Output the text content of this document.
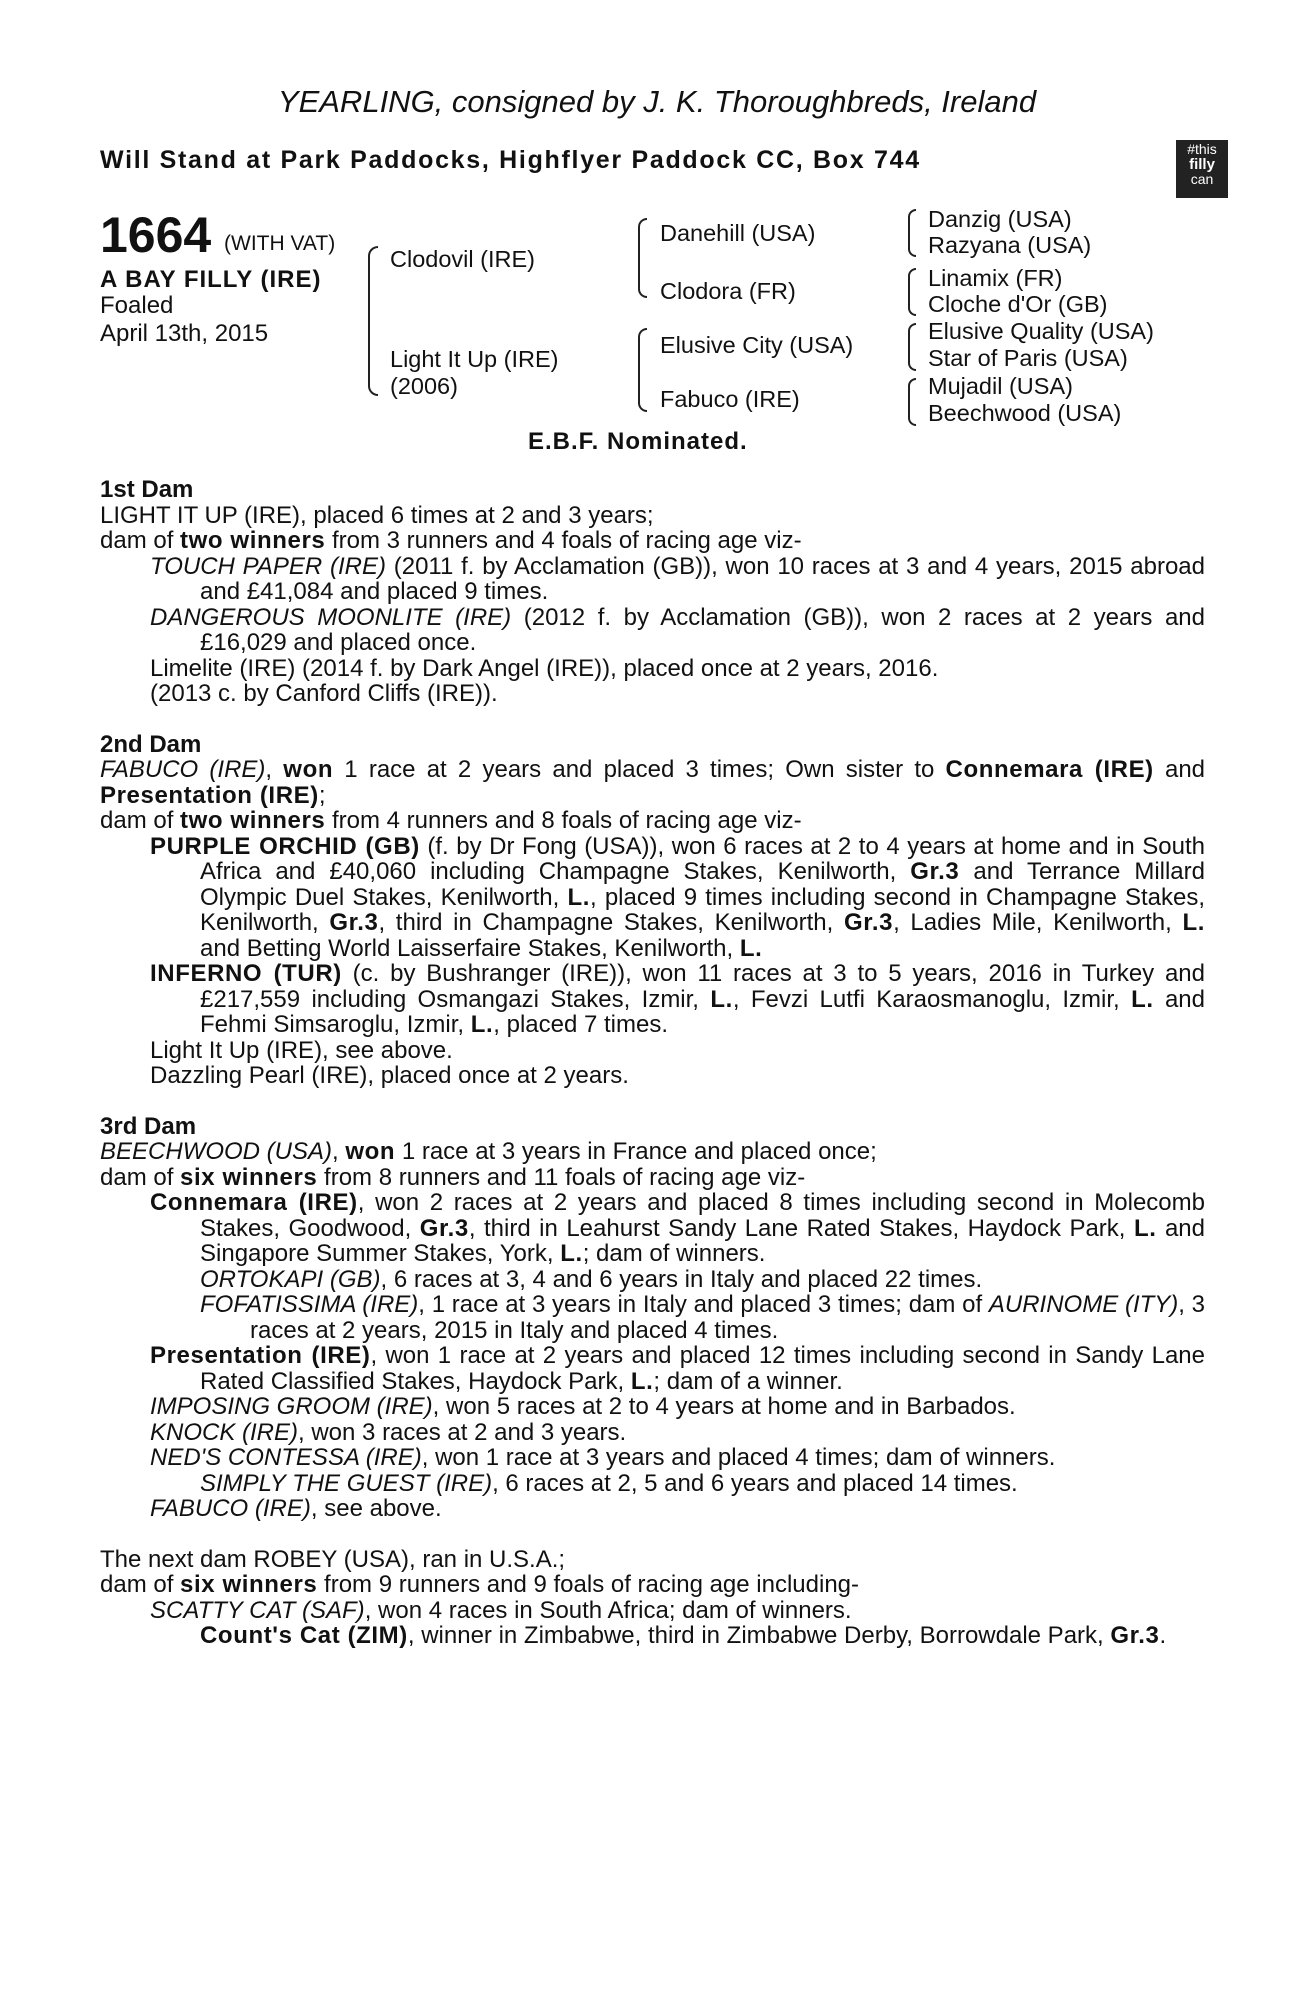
YEARLING, consigned by J. K. Thoroughbreds, Ireland
Will Stand at Park Paddocks, Highflyer Paddock CC, Box 744	#this
filly
can
1664 (WITH VAT)
A BAY FILLY (IRE)
Foaled
April 13th, 2015
Clodovil (IRE)
Light It Up (IRE)
(2006)
Danehill (USA)
Clodora (FR)
Elusive City (USA)
Fabuco (IRE)
Danzig (USA)
Razyana (USA)
Linamix (FR)
Cloche d'Or (GB)
Elusive Quality (USA)
Star of Paris (USA)
Mujadil (USA)
Beechwood (USA)
E.B.F. Nominated.

1st Dam

LIGHT IT UP (IRE), placed 6 times at 2 and 3 years;

dam of two winners from 3 runners and 4 foals of racing age viz-

TOUCH PAPER (IRE) (2011 f. by Acclamation (GB)), won 10 races at 3 and 4 years, 2015 abroad and £41,084 and placed 9 times.

DANGEROUS MOONLITE (IRE) (2012 f. by Acclamation (GB)), won 2 races at 2 years and £16,029 and placed once.

Limelite (IRE) (2014 f. by Dark Angel (IRE)), placed once at 2 years, 2016.

(2013 c. by Canford Cliffs (IRE)).

2nd Dam

FABUCO (IRE), won 1 race at 2 years and placed 3 times; Own sister to Connemara (IRE) and Presentation (IRE);

dam of two winners from 4 runners and 8 foals of racing age viz-

PURPLE ORCHID (GB) (f. by Dr Fong (USA)), won 6 races at 2 to 4 years at home and in South Africa and £40,060 including Champagne Stakes, Kenilworth, Gr.3 and Terrance Millard Olympic Duel Stakes, Kenilworth, L., placed 9 times including second in Champagne Stakes, Kenilworth, Gr.3, third in Champagne Stakes, Kenilworth, Gr.3, Ladies Mile, Kenilworth, L. and Betting World Laisserfaire Stakes, Kenilworth, L.

INFERNO (TUR) (c. by Bushranger (IRE)), won 11 races at 3 to 5 years, 2016 in Turkey and £217,559 including Osmangazi Stakes, Izmir, L., Fevzi Lutfi Karaosmanoglu, Izmir, L. and Fehmi Simsaroglu, Izmir, L., placed 7 times.

Light It Up (IRE), see above.

Dazzling Pearl (IRE), placed once at 2 years.

3rd Dam

BEECHWOOD (USA), won 1 race at 3 years in France and placed once;

dam of six winners from 8 runners and 11 foals of racing age viz-

Connemara (IRE), won 2 races at 2 years and placed 8 times including second in Molecomb Stakes, Goodwood, Gr.3, third in Leahurst Sandy Lane Rated Stakes, Haydock Park, L. and Singapore Summer Stakes, York, L.; dam of winners.

ORTOKAPI (GB), 6 races at 3, 4 and 6 years in Italy and placed 22 times.

FOFATISSIMA (IRE), 1 race at 3 years in Italy and placed 3 times; dam of AURINOME (ITY), 3 races at 2 years, 2015 in Italy and placed 4 times.

Presentation (IRE), won 1 race at 2 years and placed 12 times including second in Sandy Lane Rated Classified Stakes, Haydock Park, L.; dam of a winner.

IMPOSING GROOM (IRE), won 5 races at 2 to 4 years at home and in Barbados.

KNOCK (IRE), won 3 races at 2 and 3 years.

NED'S CONTESSA (IRE), won 1 race at 3 years and placed 4 times; dam of winners.

SIMPLY THE GUEST (IRE), 6 races at 2, 5 and 6 years and placed 14 times.

FABUCO (IRE), see above.

The next dam ROBEY (USA), ran in U.S.A.;

dam of six winners from 9 runners and 9 foals of racing age including-

SCATTY CAT (SAF), won 4 races in South Africa; dam of winners.

Count's Cat (ZIM), winner in Zimbabwe, third in Zimbabwe Derby, Borrowdale Park, Gr.3.
